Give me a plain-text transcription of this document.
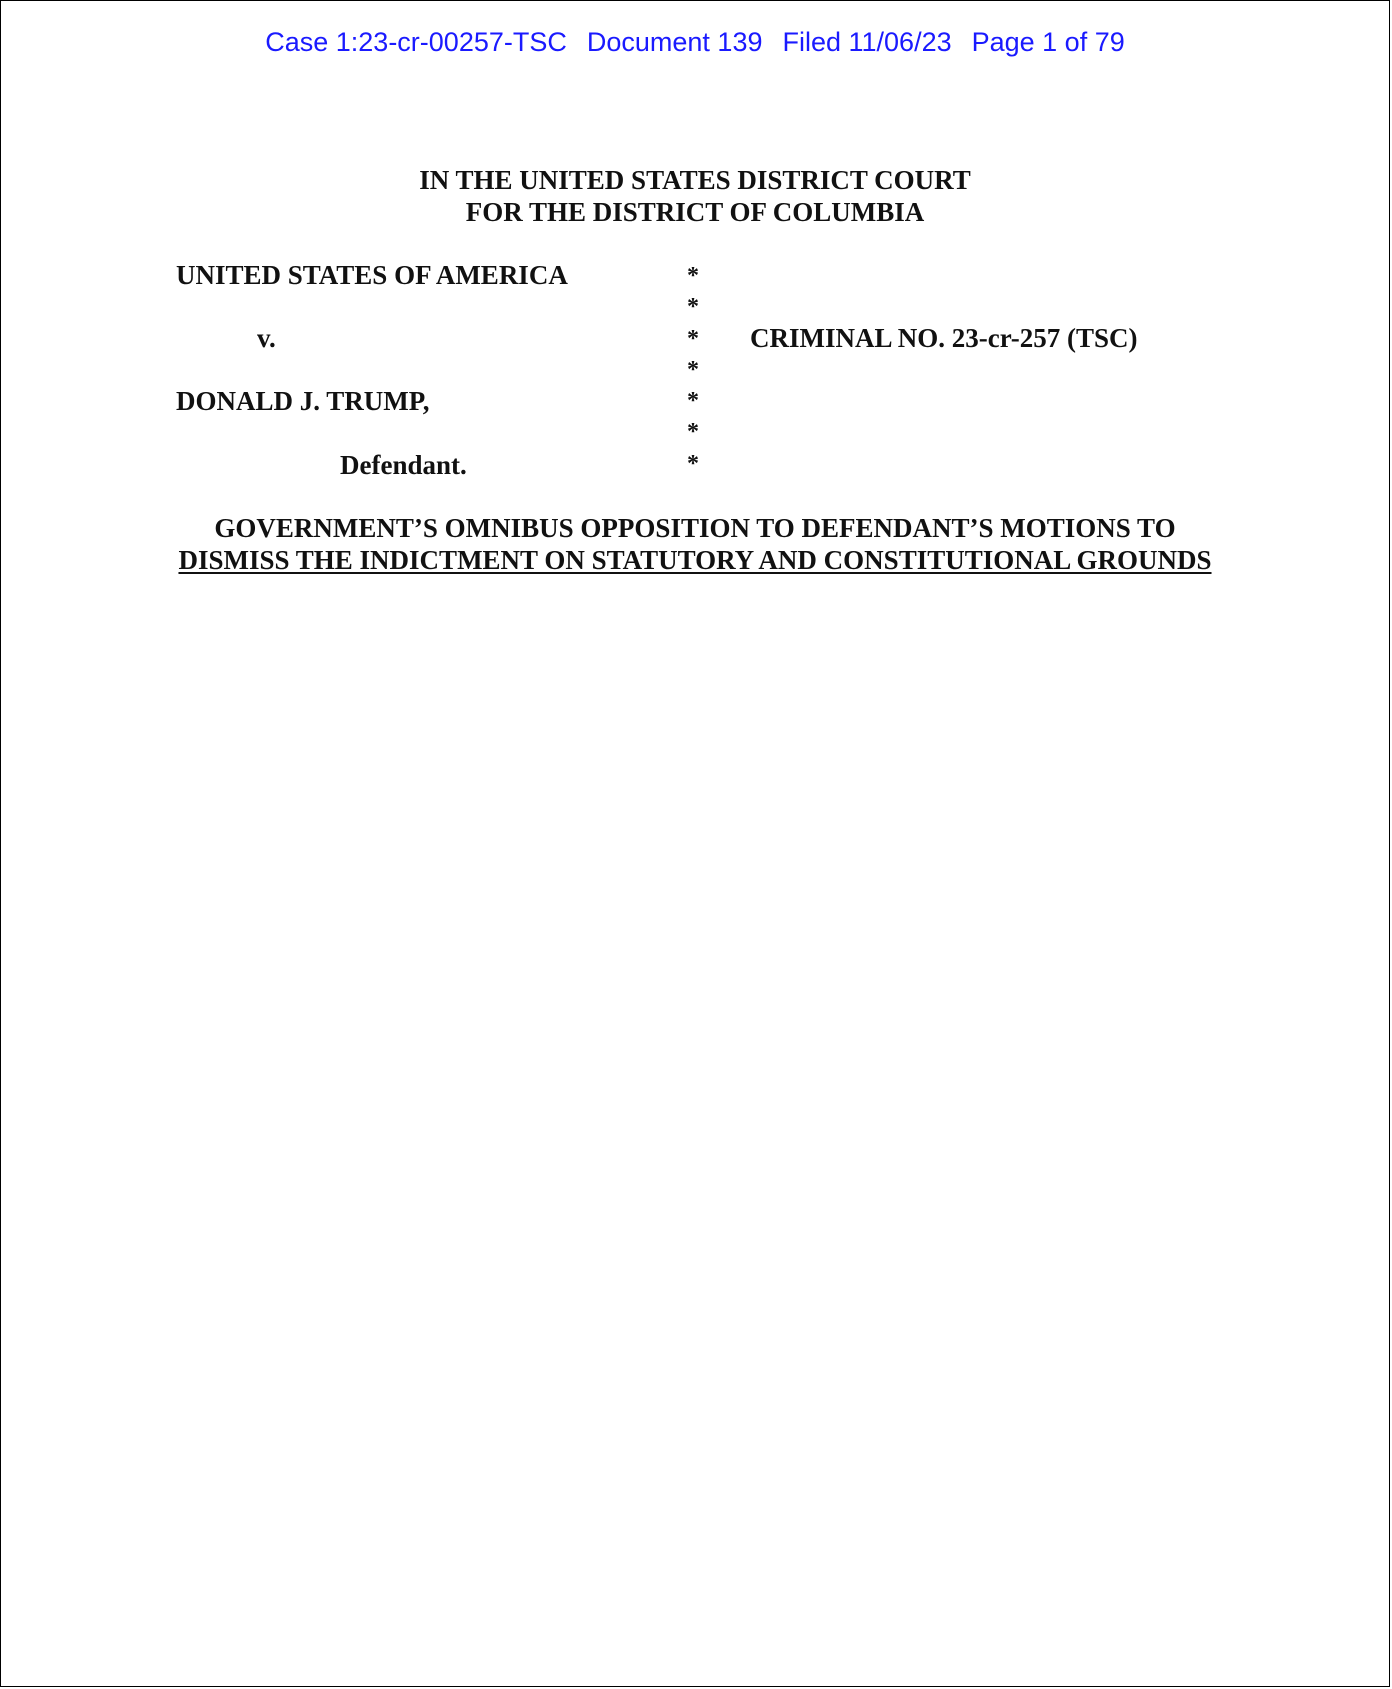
Case 1:23-cr-00257-TSC Document 139 Filed 11/06/23 Page 1 of 79
IN THE UNITED STATES DISTRICT COURT
FOR THE DISTRICT OF COLUMBIA
UNITED STATES OF AMERICA
v.	CRIMINAL NO. 23-cr-257 (TSC)
DONALD J. TRUMP,
Defendant.
*
*
*
*
*
*
*
GOVERNMENT’S OMNIBUS OPPOSITION TO DEFENDANT’S MOTIONS TO
DISMISS THE INDICTMENT ON STATUTORY AND CONSTITUTIONAL GROUNDS
